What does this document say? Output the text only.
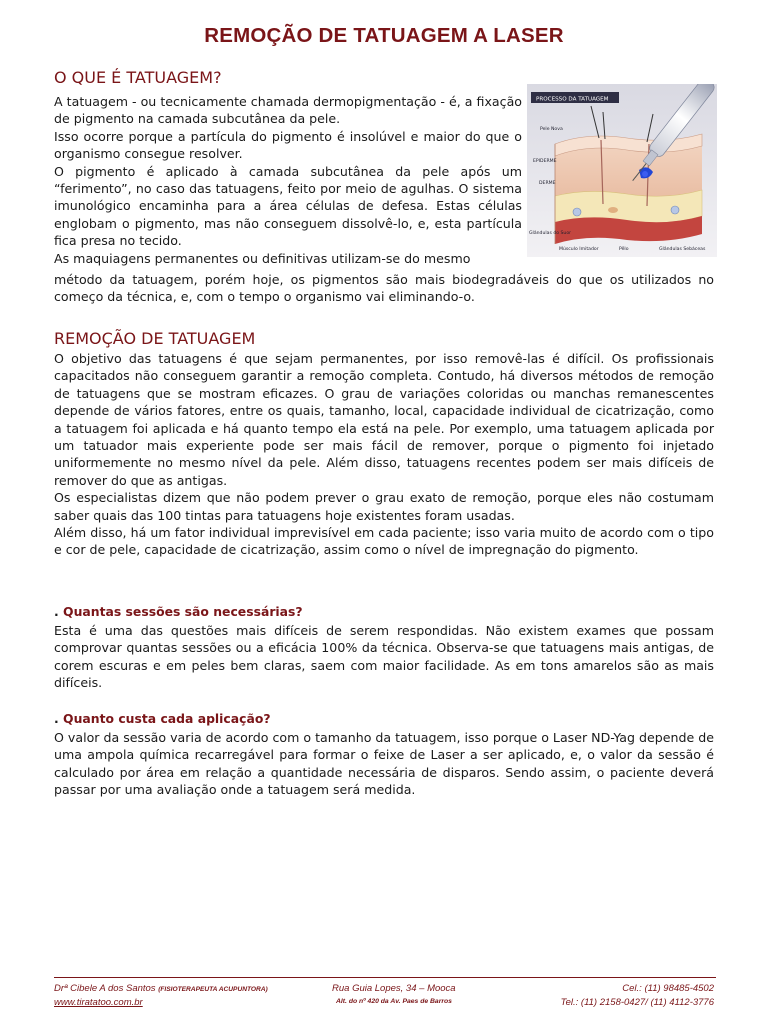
REMOÇÃO DE TATUAGEM A LASER
O QUE É TATUAGEM?

A tatuagem - ou tecnicamente chamada dermopigmentação - é, a fixação de pigmento na camada subcutânea da pele.

Isso ocorre porque a partícula do pigmento é insolúvel e maior do que o organismo consegue resolver.

O pigmento é aplicado à camada subcutânea da pele após um “ferimento”, no caso das tatuagens, feito por meio de agulhas. O sistema imunológico encaminha para a área células de defesa. Estas células englobam o pigmento, mas não conseguem dissolvê-lo, e, esta partícula fica presa no tecido.

As maquiagens permanentes ou definitivas utilizam-se do mesmo

método da tatuagem, porém hoje, os pigmentos são mais biodegradáveis do que os utilizados no começo da técnica, e, com o tempo o organismo vai eliminando-o.

PROCESSO DA TATUAGEM
Pele Nova
EPIDERME
DERME
Glândulas do Suor
Músculo Imitador	Pêlo	Glândulas Sebáceas
REMOÇÃO DE TATUAGEM

O objetivo das tatuagens é que sejam permanentes, por isso removê-las é difícil. Os profissionais capacitados não conseguem garantir a remoção completa. Contudo, há diversos métodos de remoção de tatuagens que se mostram eficazes. O grau de variações coloridas ou manchas remanescentes depende de vários fatores, entre os quais, tamanho, local, capacidade individual de cicatrização, como a tatuagem foi aplicada e há quanto tempo ela está na pele. Por exemplo, uma tatuagem aplicada por um tatuador mais experiente pode ser mais fácil de remover, porque o pigmento foi injetado uniformemente no mesmo nível da pele. Além disso, tatuagens recentes podem ser mais difíceis de remover do que as antigas.

Os especialistas dizem que não podem prever o grau exato de remoção, porque eles não costumam saber quais das 100 tintas para tatuagens hoje existentes foram usadas.

Além disso, há um fator individual imprevisível em cada paciente; isso varia muito de acordo com o tipo e cor de pele, capacidade de cicatrização, assim como o nível de impregnação do pigmento.

. Quantas sessões são necessárias?

Esta é uma das questões mais difíceis de serem respondidas. Não existem exames que possam comprovar quantas sessões ou a eficácia 100% da técnica. Observa-se que tatuagens mais antigas, de corem escuras e em peles bem claras, saem com maior facilidade. As em tons amarelos são as mais difíceis.

. Quanto custa cada aplicação?

O valor da sessão varia de acordo com o tamanho da tatuagem, isso porque o Laser ND-Yag depende de uma ampola química recarregável para formar o feixe de Laser a ser aplicado, e, o valor da sessão é calculado por área em relação a quantidade necessária de disparos. Sendo assim, o paciente deverá passar por uma avaliação onde a tatuagem será medida.

Drª Cibele A dos Santos (FISIOTERAPEUTA ACUPUNTORA)
www.tiratatoo.com.br
Rua Guia Lopes, 34 – Mooca
Alt. do nº 420 da Av. Paes de Barros
Cel.: (11) 98485-4502
Tel.: (11) 2158-0427/ (11) 4112-3776
